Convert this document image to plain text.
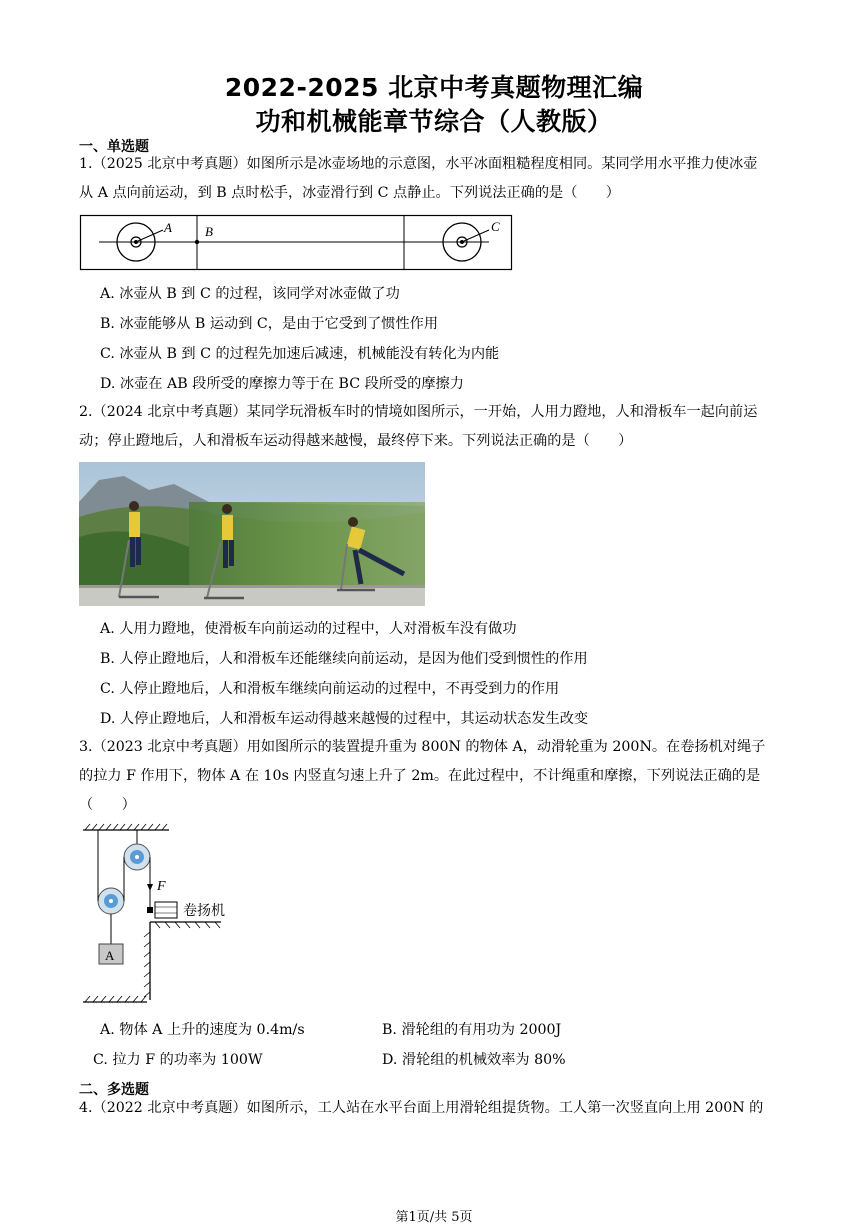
2022-2025 北京中考真题物理汇编
功和机械能章节综合（人教版）
一、单选题
1.（2025 北京中考真题）如图所示是冰壶场地的示意图，水平冰面粗糙程度相同。某同学用水平推力使冰壶
从 A 点向前运动，到 B 点时松手，冰壶滑行到 C 点静止。下列说法正确的是（　　）
A	B	C
A. 冰壶从 B 到 C 的过程，该同学对冰壶做了功
B. 冰壶能够从 B 运动到 C，是由于它受到了惯性作用
C. 冰壶从 B 到 C 的过程先加速后减速，机械能没有转化为内能
D. 冰壶在 AB 段所受的摩擦力等于在 BC 段所受的摩擦力
2.（2024 北京中考真题）某同学玩滑板车时的情境如图所示，一开始，人用力蹬地，人和滑板车一起向前运
动；停止蹬地后，人和滑板车运动得越来越慢，最终停下来。下列说法正确的是（　　）
A. 人用力蹬地，使滑板车向前运动的过程中，人对滑板车没有做功
B. 人停止蹬地后，人和滑板车还能继续向前运动，是因为他们受到惯性的作用
C. 人停止蹬地后，人和滑板车继续向前运动的过程中，不再受到力的作用
D. 人停止蹬地后，人和滑板车运动得越来越慢的过程中，其运动状态发生改变
3.（2023 北京中考真题）用如图所示的装置提升重为 800N 的物体 A，动滑轮重为 200N。在卷扬机对绳子
的拉力 F 作用下，物体 A 在 10s 内竖直匀速上升了 2m。在此过程中，不计绳重和摩擦，下列说法正确的是
（　　）
A
F
卷扬机
A. 物体 A 上升的速度为 0.4m/s	B. 滑轮组的有用功为 2000J
C. 拉力 F 的功率为 100W	D. 滑轮组的机械效率为 80%
二、多选题
4.（2022 北京中考真题）如图所示，工人站在水平台面上用滑轮组提货物。工人第一次竖直向上用 200N 的
第1页/共 5页
